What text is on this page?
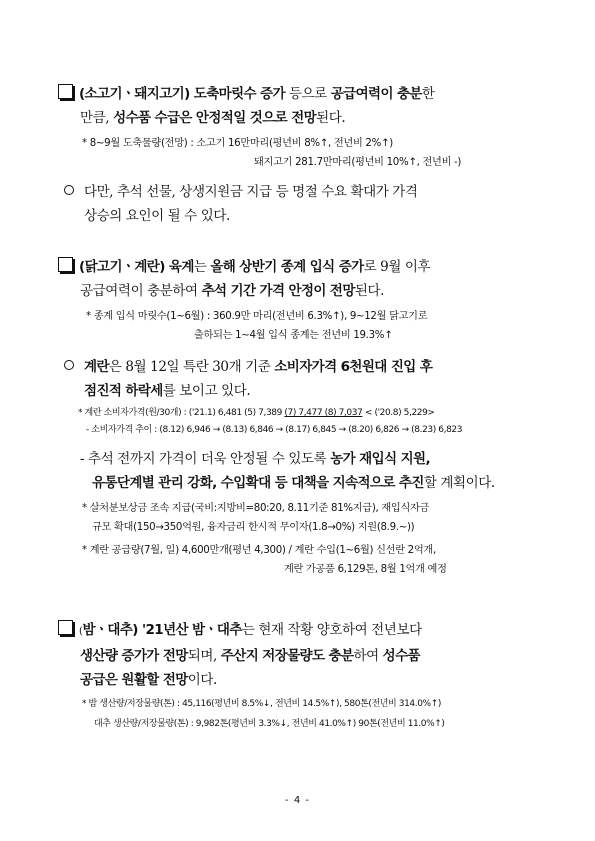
(소고기ㆍ돼지고기) 도축마릿수 증가 등으로 공급여력이 충분한
만큼, 성수품 수급은 안정적일 것으로 전망된다.
* 8~9월 도축물량(전망) : 소고기 16만마리(평년비 8%↑, 전년비 2%↑)
돼지고기 281.7만마리(평년비 10%↑, 전년비 -)
다만, 추석 선물, 상생지원금 지급 등 명절 수요 확대가 가격
상승의 요인이 될 수 있다.
(닭고기ㆍ계란) 육계는 올해 상반기 종계 입식 증가로 9월 이후
공급여력이 충분하여 추석 기간 가격 안정이 전망된다.
* 종계 입식 마릿수(1~6월) : 360.9만 마리(전년비 6.3%↑), 9~12월 닭고기로
출하되는 1~4월 입식 종계는 전년비 19.3%↑
계란은 8월 12일 특란 30개 기준 소비자가격 6천원대 진입 후
점진적 하락세를 보이고 있다.
* 계란 소비자가격(원/30개) : ('21.1) 6,481 (5) 7,389 (7) 7,477 (8) 7,037 < ('20.8) 5,229>
- 소비자가격 추이 : (8.12) 6,946 → (8.13) 6,846 → (8.17) 6,845 → (8.20) 6,826 → (8.23) 6,823
- 추석 전까지 가격이 더욱 안정될 수 있도록 농가 재입식 지원,
유통단계별 관리 강화, 수입확대 등 대책을 지속적으로 추진할 계획이다.
* 살처분보상금 조속 지급(국비:지방비=80:20, 8.11기준 81%지급), 재입식자금
규모 확대(150→350억원, 융자금리 한시적 무이자(1.8→0%) 지원(8.9.~))
* 계란 공급량(7월, 일) 4,600만개(평년 4,300) / 계란 수입(1~6월) 신선란 2억개,
계란 가공품 6,129톤, 8월 1억개 예정
(밤ㆍ대추) '21년산 밤ㆍ대추는 현재 작황 양호하여 전년보다
생산량 증가가 전망되며, 주산지 저장물량도 충분하여 성수품
공급은 원활할 전망이다.
* 밤 생산량/저장물량(톤) : 45,116(평년비 8.5%↓, 전년비 14.5%↑), 580톤(전년비 314.0%↑)
대추 생산량/저장물량(톤) : 9,982톤(평년비 3.3%↓, 전년비 41.0%↑) 90톤(전년비 11.0%↑)
- 4 -
